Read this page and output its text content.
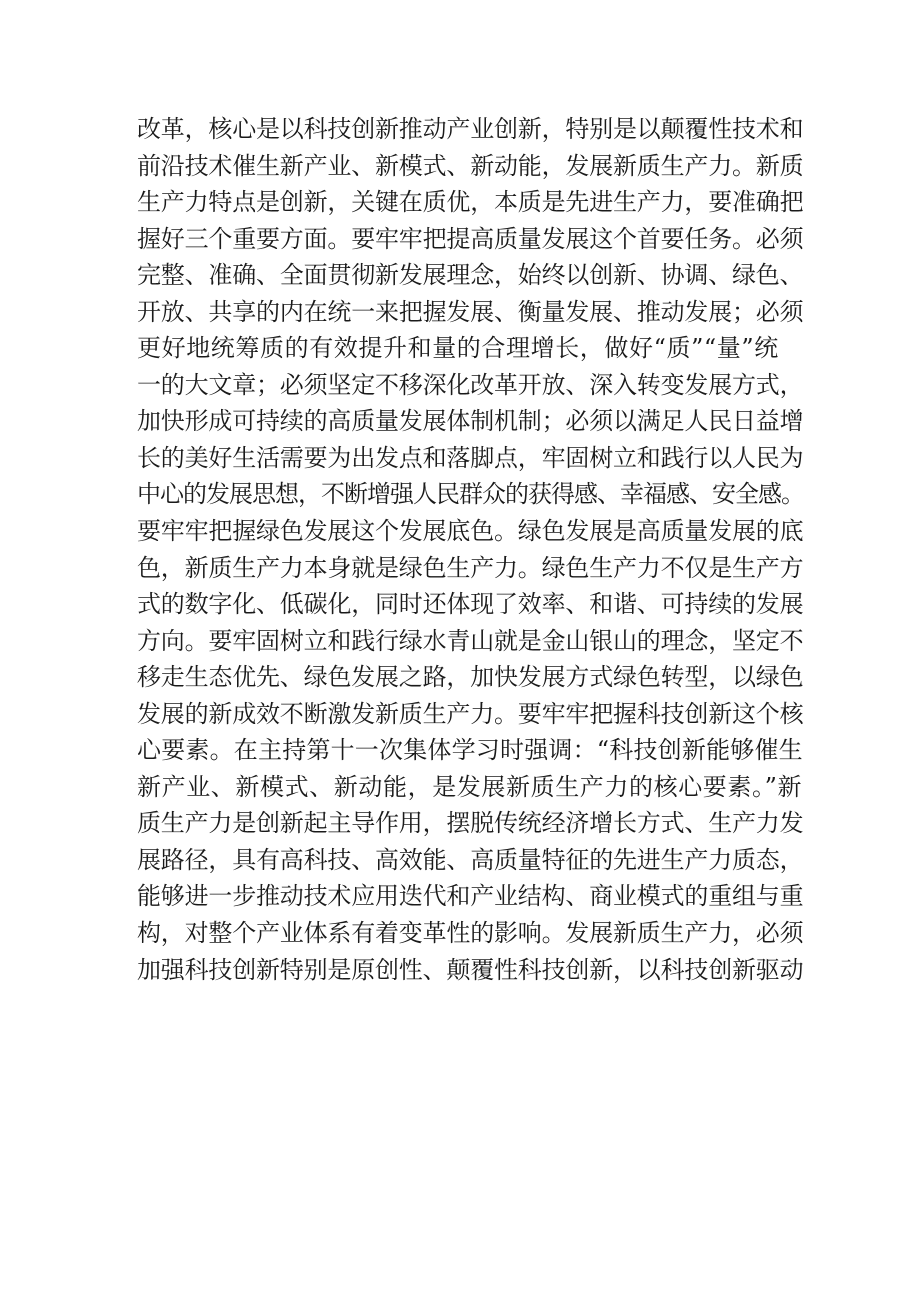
改革，核心是以科技创新推动产业创新，特别是以颠覆性技术和
前沿技术催生新产业、新模式、新动能，发展新质生产力。新质
生产力特点是创新，关键在质优，本质是先进生产力，要准确把
握好三个重要方面。要牢牢把提高质量发展这个首要任务。必须
完整、准确、全面贯彻新发展理念，始终以创新、协调、绿色、
开放、共享的内在统一来把握发展、衡量发展、推动发展；必须
更好地统筹质的有效提升和量的合理增长，做好“质”“量”统
一的大文章；必须坚定不移深化改革开放、深入转变发展方式，
加快形成可持续的高质量发展体制机制；必须以满足人民日益增
长的美好生活需要为出发点和落脚点，牢固树立和践行以人民为
中心的发展思想，不断增强人民群众的获得感、幸福感、安全感。
要牢牢把握绿色发展这个发展底色。绿色发展是高质量发展的底
色，新质生产力本身就是绿色生产力。绿色生产力不仅是生产方
式的数字化、低碳化，同时还体现了效率、和谐、可持续的发展
方向。要牢固树立和践行绿水青山就是金山银山的理念，坚定不
移走生态优先、绿色发展之路，加快发展方式绿色转型，以绿色
发展的新成效不断激发新质生产力。要牢牢把握科技创新这个核
心要素。在主持第十一次集体学习时强调：“科技创新能够催生
新产业、新模式、新动能，是发展新质生产力的核心要素。”新
质生产力是创新起主导作用，摆脱传统经济增长方式、生产力发
展路径，具有高科技、高效能、高质量特征的先进生产力质态，
能够进一步推动技术应用迭代和产业结构、商业模式的重组与重
构，对整个产业体系有着变革性的影响。发展新质生产力，必须
加强科技创新特别是原创性、颠覆性科技创新，以科技创新驱动
